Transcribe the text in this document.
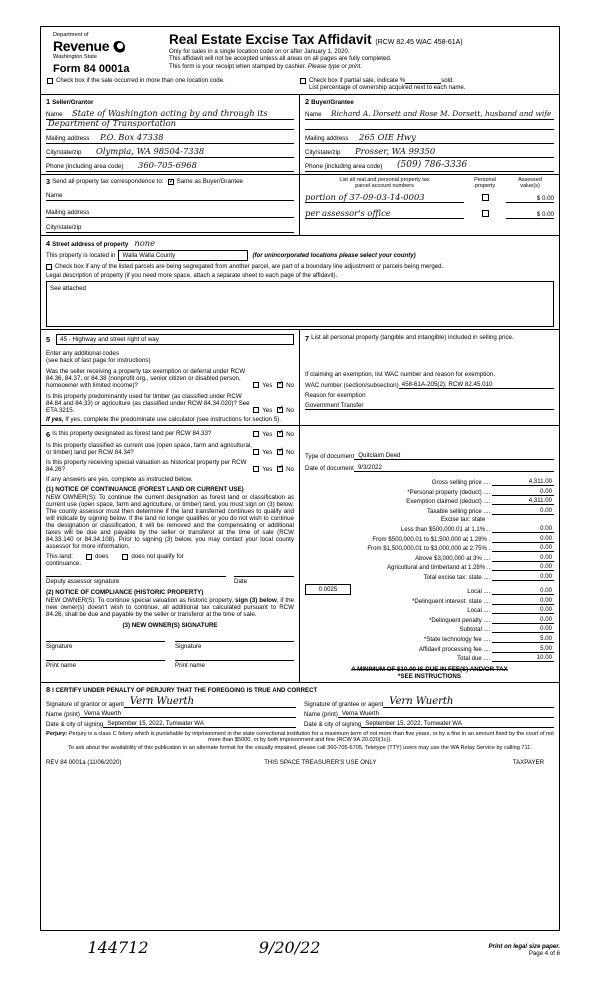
Department of
Revenue
Washington State
Form 84 0001a
Real Estate Excise Tax Affidavit (RCW 82.45 WAC 458-61A)

Only for sales in a single location code on or after January 1, 2020.

This affidavit will not be accepted unless all areas on all pages are fully completed.

This form is your receipt when stamped by cashier. Please type or print.

Check box if the sale occurred in more than one location code.	Check box if partial sale, indicate %	sold.
List percentage of ownership acquired next to each name.
1 Seller/Grantor
Name State of Washington acting by and through its
Department of Transportation
Mailing address P.O. Box 47338
City/state/zip Olympia, WA 98504-7338
Phone (including area code) 360-705-6968
2 Buyer/Grantee
Name Richard A. Dorsett and Rose M. Dorsett, husband and wife
Mailing address 265 OIE Hwy
City/state/zip Prosser, WA 99350
Phone (including area code) (509) 786-3336
3 Send all property tax correspondence to: ✓ Same as Buyer/Grantee
Name
Mailing address
City/state/zip
List all real and personal property tax
parcel account numbers
Personal
property
Assessed
value(s)
portion of 37-09-03-14-0003	$ 0.00
per assessor's office	$ 0.00
4 Street address of property none
This property is located in	Walla Walla County	(for unincorporated locations please select your county)
Check box if any of the listed parcels are being segregated from another parcel, are part of a boundary line adjustment or parcels being merged.
Legal description of property (if you need more space, attach a separate sheet to each page of the affidavit).
See attached
5	45 - Highway and street right of way
Enter any additional codes
(see back of last page for instructions)
Was the seller receiving a property tax exemption or deferral under RCW 84.36, 84.37, or 84.38 (nonprofit org., senior citizen or disabled person, homeowner with limited income)?	Yes ✓ No
Is this property predominantly used for timber (as classified under RCW 84.84 and 84.33) or agriculture (as classified under RCW 84.34.020)? See ETA 3215.	Yes ✓ No
If yes, If yes, complete the predominate use calculator (see instructions for section 5).
7 List all personal property (tangible and intangible) included in selling price.
If claiming an exemption, list WAC number and reason for exemption.
WAC number (section/subsection) 458-61A-205(2); RCW 82.45.010
Reason for exemption
Government Transfer
6 Is this property designated as forest land per RCW 84.33?	Yes ✓ No
Is this property classified as current use (open space, farm and agricultural, or timber) land per RCW 84.34?	Yes ✓ No
Is this property receiving special valuation as historical property per RCW 84.26?	Yes ✓ No
If any answers are yes, complete as instructed below.
(1) NOTICE OF CONTINUANCE (FOREST LAND OR CURRENT USE)
NEW OWNER(S): To continue the current designation as forest land or classification as current use (open space, farm and agriculture, or timber) land, you must sign on (3) below. The county assessor must then determine if the land transferred continues to qualify and will indicate by signing below. If the land no longer qualifies or you do not wish to continue the designation or classification, it will be removed and the compensating or additional taxes will be due and payable by the seller or transferor at the time of sale (RCW 84.33.140 or 84.34.108). Prior to signing (3) below, you may contact your local county assessor for more information.
This land:	does	does not qualify for
continuance.
Deputy assessor signature	Date
(2) NOTICE OF COMPLIANCE (HISTORIC PROPERTY)
NEW OWNER(S): To continue special valuation as historic property, sign (3) below, if the new owner(s) doesn't wish to continue, all additional tax calculated pursuant to RCW 84.26, shall be due and payable by the seller or transferor at the time of sale.
(3) NEW OWNER(S) SIGNATURE
Signature	Signature
Print name	Print name
Type of document Quitclaim Deed
Date of document 9/3/2022
Gross selling price ....	4,311.00
*Personal property (deduct) ....	0.00
Exemption claimed (deduct) ....	4,311.00
Taxable selling price ....	0.00
Excise tax: state

Less than $500,000.01 at 1.1% ..	0.00
From $500,000.01 to $1,500,000 at 1.28% .	0.00
From $1,500,000.01 to $3,000,000 at 2.75% .	0.00
Above $3,000,000 at 3% ....	0.00
Agricultural and timberland at 1.28% ..	0.00
Total excise tax: state ....	0.00
0.0025	Local ....	0.00
*Delinquent interest: state ....	0.00
Local ....	0.00
*Delinquent penalty ....	0.00
Subtotal ....	0.00
*State technology fee ....	5.00
Affidavit processing fee ....	5.00
Total due ....	10.00
A MINIMUM OF $10.00 IS DUE IN FEE(S) AND/OR TAX
*SEE INSTRUCTIONS
8 I CERTIFY UNDER PENALTY OF PERJURY THAT THE FOREGOING IS TRUE AND CORRECT
Signature of grantor or agent Vern Wuerth
Name (print) Verna Wuerth
Date & city of signing September 15, 2022, Tumwater WA
Signature of grantee or agent Vern Wuerth
Name (print) Verna Wuerth
Date & city of signing September 15, 2022, Tumwater WA
Perjury: Perjury is a class C felony which is punishable by imprisonment in the state correctional institution for a maximum term of not more than five years, or by a fine in an amount fixed by the court of not more than $5000, or by both imprisonment and fine (RCW 9A.20.020(1c)).
To ask about the availability of this publication in an alternate format for the visually impaired, please call 360-705-6705. Teletype (TTY) users may use the WA Relay Service by calling 711.
REV 84 0001a (11/06/2020)	THIS SPACE TREASURER'S USE ONLY	TAXPAYER
144712	9/20/22	Print on legal size paper.
Page 4 of 6
